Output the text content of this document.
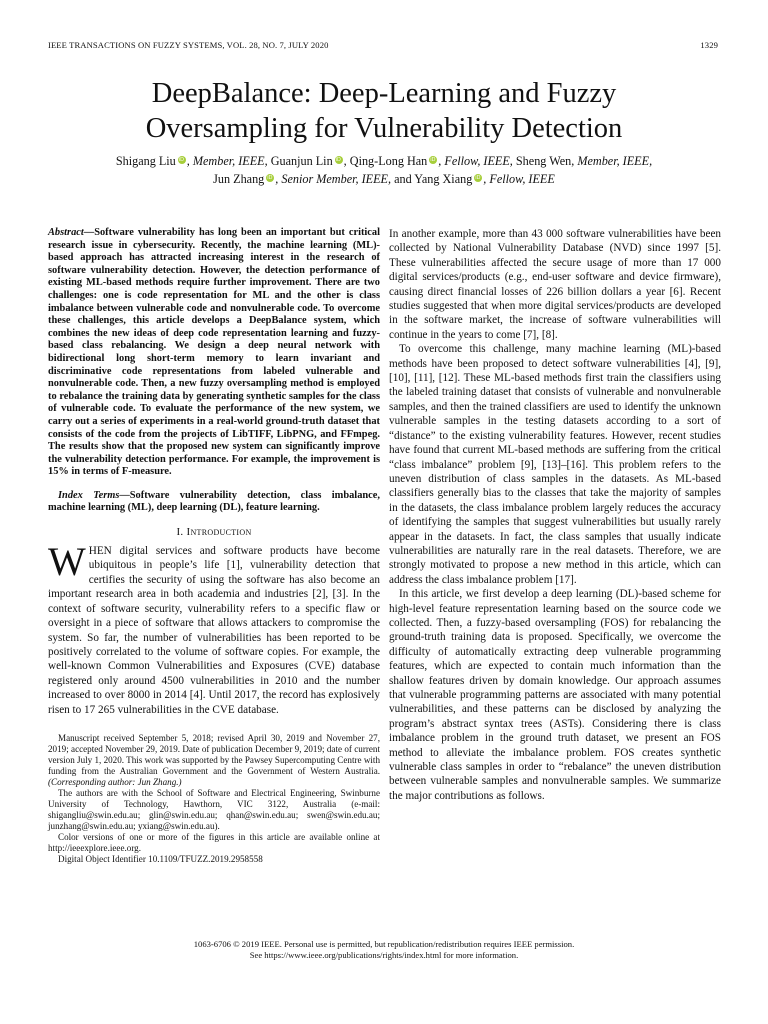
IEEE TRANSACTIONS ON FUZZY SYSTEMS, VOL. 28, NO. 7, JULY 2020	1329
DeepBalance: Deep-Learning and Fuzzy
Oversampling for Vulnerability Detection
Shigang Liu iD , Member, IEEE, Guanjun Lin iD , Qing-Long Han iD , Fellow, IEEE, Sheng Wen, Member, IEEE,
Jun Zhang iD , Senior Member, IEEE, and Yang Xiang iD , Fellow, IEEE

Abstract—Software vulnerability has long been an important but critical research issue in cybersecurity. Recently, the machine learning (ML)-based approach has attracted increasing interest in the research of software vulnerability detection. However, the detection performance of existing ML-based methods require further improvement. There are two challenges: one is code representation for ML and the other is class imbalance between vulnerable code and nonvulnerable code. To overcome these challenges, this article develops a DeepBalance system, which combines the new ideas of deep code representation learning and fuzzy-based class rebalancing. We design a deep neural network with bidirectional long short-term memory to learn invariant and discriminative code representations from labeled vulnerable and nonvulnerable code. Then, a new fuzzy oversampling method is employed to rebalance the training data by generating synthetic samples for the class of vulnerable code. To evaluate the performance of the new system, we carry out a series of experiments in a real-world ground-truth dataset that consists of the code from the projects of LibTIFF, LibPNG, and FFmpeg. The results show that the proposed new system can significantly improve the vulnerability detection performance. For example, the improvement is 15% in terms of F-measure.

Index Terms—Software vulnerability detection, class imbalance, machine learning (ML), deep learning (DL), feature learning.

I. Introduction

WHEN digital services and software products have become ubiquitous in people’s life [1], vulnerability detection that certifies the security of using the software has also become an important research area in both academia and industries [2], [3]. In the context of software security, vulnerability refers to a specific flaw or oversight in a piece of software that allows attackers to compromise the system. So far, the number of vulnerabilities has been reported to be positively correlated to the volume of software copies. For example, the well-known Common Vulnerabilities and Exposures (CVE) database registered only around 4500 vulnerabilities in 2010 and the number increased to over 8000 in 2014 [4]. Until 2017, the record has explosively risen to 17 265 vulnerabilities in the CVE database.

Manuscript received September 5, 2018; revised April 30, 2019 and November 27, 2019; accepted November 29, 2019. Date of publication December 9, 2019; date of current version July 1, 2020. This work was supported by the Pawsey Supercomputing Centre with funding from the Australian Government and the Government of Western Australia. (Corresponding author: Jun Zhang.)

The authors are with the School of Software and Electrical Engineering, Swinburne University of Technology, Hawthorn, VIC 3122, Australia (e-mail: shigangliu@swin.edu.au; glin@swin.edu.au; qhan@swin.edu.au; swen@swin.edu.au; junzhang@swin.edu.au; yxiang@swin.edu.au).

Color versions of one or more of the figures in this article are available online at http://ieeexplore.ieee.org.

Digital Object Identifier 10.1109/TFUZZ.2019.2958558

In another example, more than 43 000 software vulnerabilities have been collected by National Vulnerability Database (NVD) since 1997 [5]. These vulnerabilities affected the secure usage of more than 17 000 digital services/products (e.g., end-user software and device firmware), causing direct financial losses of 226 billion dollars a year [6]. Recent studies suggested that when more digital services/products are developed in the software market, the increase of software vulnerabilities will continue in the years to come [7], [8].

To overcome this challenge, many machine learning (ML)-based methods have been proposed to detect software vulnerabilities [4], [9], [10], [11], [12]. These ML-based methods first train the classifiers using the labeled training dataset that consists of vulnerable and nonvulnerable samples, and then the trained classifiers are used to identify the unknown vulnerable samples in the testing datasets according to a sort of “distance” to the existing vulnerability features. However, recent studies have found that current ML-based methods are suffering from the critical “class imbalance” problem [9], [13]–[16]. This problem refers to the uneven distribution of class samples in the datasets. As ML-based classifiers generally bias to the classes that take the majority of samples in the datasets, the class imbalance problem largely reduces the accuracy of identifying the samples that suggest vulnerabilities but usually rarely appear in the datasets. In fact, the class samples that usually indicate vulnerabilities are naturally rare in the real datasets. Therefore, we are strongly motivated to propose a new method in this article, which can address the class imbalance problem [17].

In this article, we first develop a deep learning (DL)-based scheme for high-level feature representation learning based on the source code we collected. Then, a fuzzy-based oversampling (FOS) for rebalancing the ground-truth training data is proposed. Specifically, we overcome the difficulty of automatically extracting deep vulnerable programming features, which are expected to contain much information than the shallow features driven by domain knowledge. Our approach assumes that vulnerable programming patterns are associated with many potential vulnerabilities, and these patterns can be disclosed by analyzing the program’s abstract syntax trees (ASTs). Considering there is class imbalance problem in the ground truth dataset, we present an FOS method to alleviate the imbalance problem. FOS creates synthetic vulnerable class samples in order to “rebalance” the uneven distribution between vulnerable samples and nonvulnerable samples. We summarize the major contributions as follows.

1063-6706 © 2019 IEEE. Personal use is permitted, but republication/redistribution requires IEEE permission.
See https://www.ieee.org/publications/rights/index.html for more information.
